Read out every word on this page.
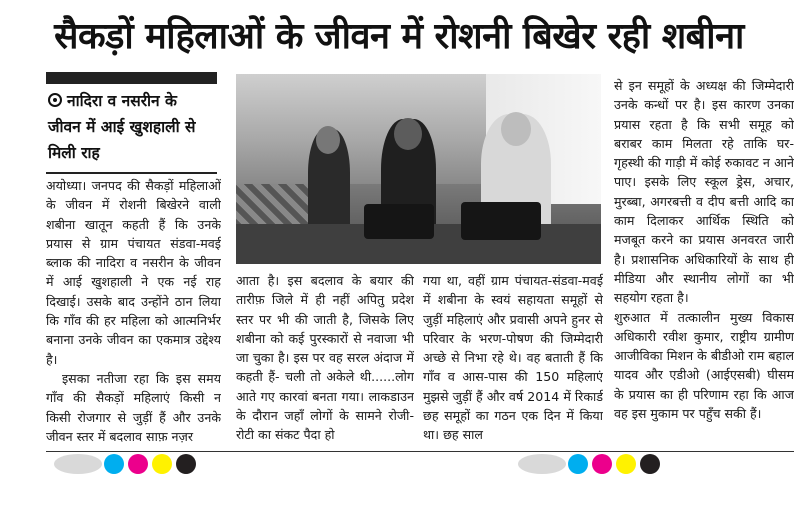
सैकड़ों महिलाओं के जीवन में रोशनी बिखेर रही शबीना
नादिरा व नसरीन के जीवन में आई खुशहाली से मिली राह

अयोध्या। जनपद की सैकड़ों महिलाओं के जीवन में रोशनी बिखेरने वाली शबीना खातून कहती हैं कि उनके प्रयास से ग्राम पंचायत संडवा-मवई ब्लाक की नादिरा व नसरीन के जीवन में आई खुशहाली ने एक नई राह दिखाई। उसके बाद उन्होंने ठान लिया कि गाँव की हर महिला को आत्मनिर्भर बनाना उनके जीवन का एकमात्र उद्देश्य है।

इसका नतीजा रहा कि इस समय गाँव की सैकड़ों महिलाएं किसी न किसी रोजगार से जुड़ीं हैं और उनके जीवन स्तर में बदलाव साफ़ नज़र

आता है। इस बदलाव के बयार की तारीफ़ जिले में ही नहीं अपितु प्रदेश स्तर पर भी की जाती है, जिसके लिए शबीना को कई पुरस्कारों से नवाजा भी जा चुका है। इस पर वह सरल अंदाज में कहती हैं- चली तो अकेले थी......लोग आते गए कारवां बनता गया। लाकडाउन के दौरान जहाँ लोगों के सामने रोजी-रोटी का संकट पैदा हो

गया था, वहीं ग्राम पंचायत-संडवा-मवई में शबीना के स्वयं सहायता समूहों से जुड़ीं महिलाएं और प्रवासी अपने हुनर से परिवार के भरण-पोषण की जिम्मेदारी अच्छे से निभा रहे थे। वह बताती हैं कि गाँव व आस-पास की 150 महिलाएं मुझसे जुड़ीं हैं और वर्ष 2014 में रिकार्ड छह समूहों का गठन एक दिन में किया था। छह साल

से इन समूहों के अध्यक्ष की जिम्मेदारी उनके कन्धों पर है। इस कारण उनका प्रयास रहता है कि सभी समूह को बराबर काम मिलता रहे ताकि घर-गृहस्थी की गाड़ी में कोई रुकावट न आने पाए। इसके लिए स्कूल ड्रेस, अचार, मुरब्बा, अगरबत्ती व दीप बत्ती आदि का काम दिलाकर आर्थिक स्थिति को मजबूत करने का प्रयास अनवरत जारी है। प्रशासनिक अधिकारियों के साथ ही मीडिया और स्थानीय लोगों का भी सहयोग रहता है।

शुरुआत में तत्कालीन मुख्य विकास अधिकारी रवीश कुमार, राष्ट्रीय ग्रामीण आजीविका मिशन के बीडीओ राम बहाल यादव और एडीओ (आईएसबी) घीसम के प्रयास का ही परिणाम रहा कि आज वह इस मुकाम पर पहुँच सकी हैं।
